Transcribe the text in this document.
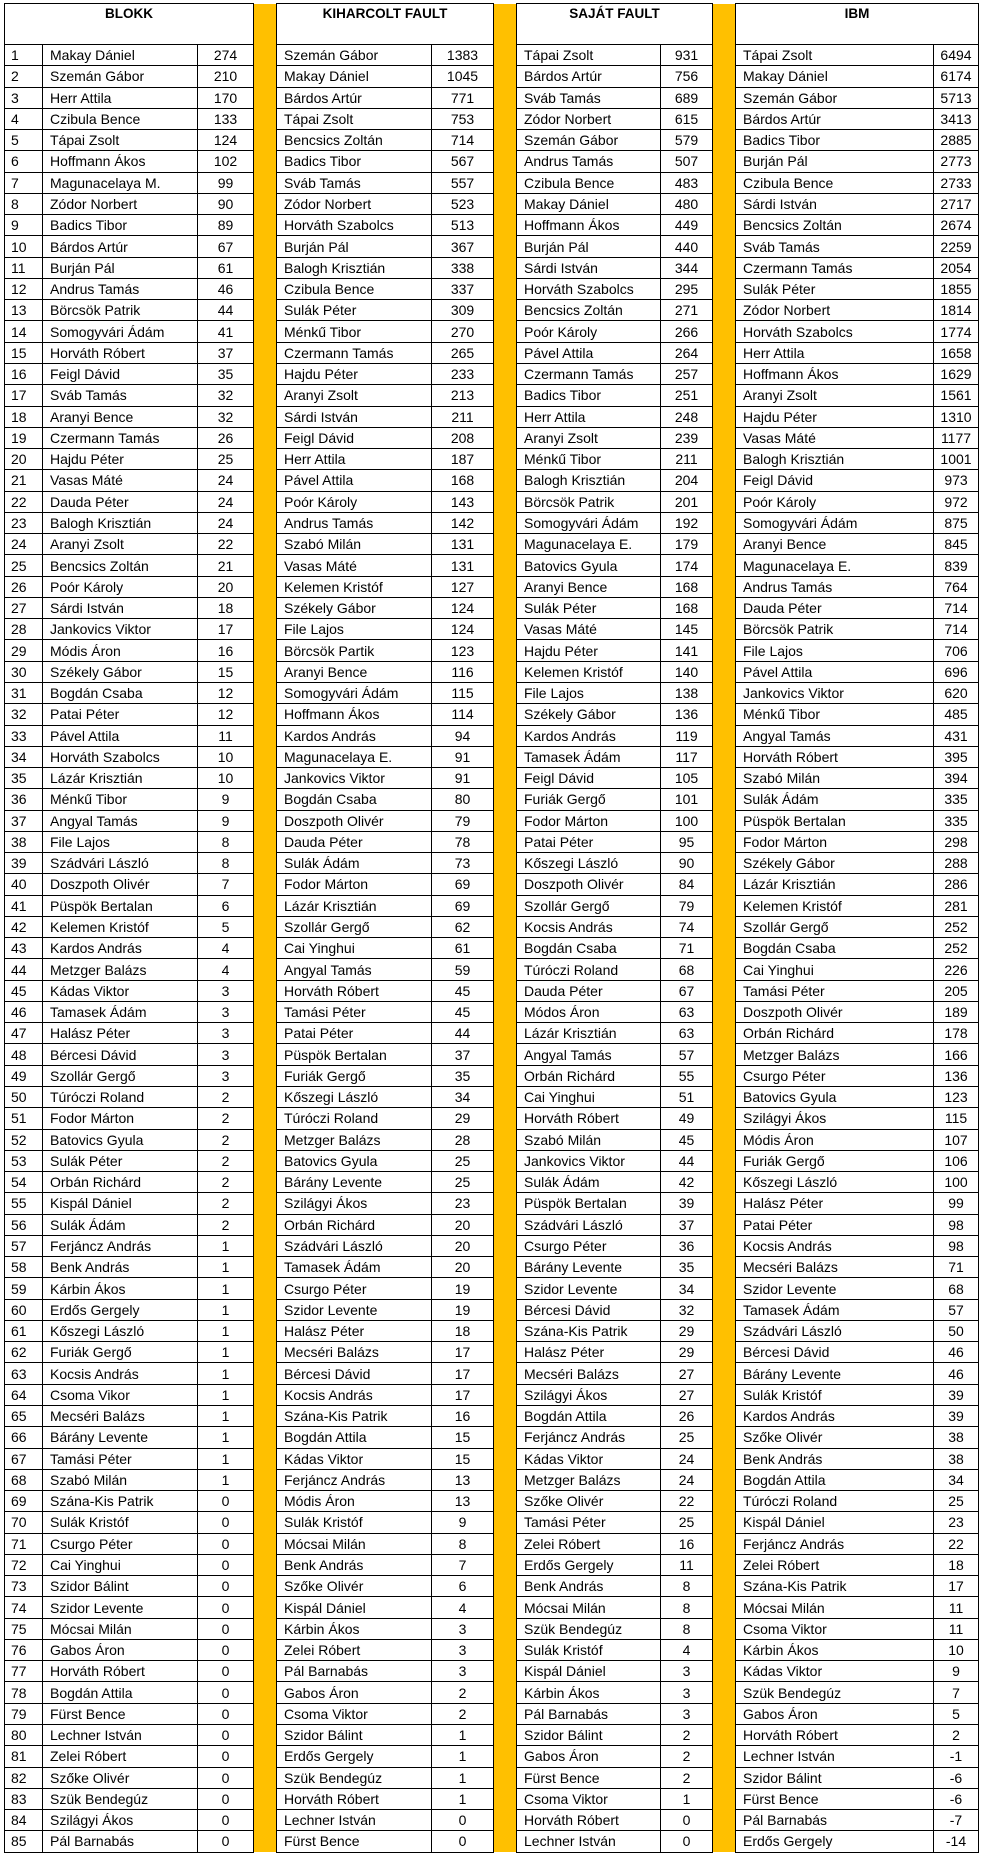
BLOKK				KIHARCOLT FAULT			SAJÁT FAULT			IBM	
1	Makay Dániel	274		Szemán Gábor	1383		Tápai Zsolt	931		Tápai Zsolt	6494
2	Szemán Gábor	210		Makay Dániel	1045		Bárdos Artúr	756		Makay Dániel	6174
3	Herr Attila	170		Bárdos Artúr	771		Sváb Tamás	689		Szemán Gábor	5713
4	Czibula Bence	133		Tápai Zsolt	753		Zódor Norbert	615		Bárdos Artúr	3413
5	Tápai Zsolt	124		Bencsics Zoltán	714		Szemán Gábor	579		Badics Tibor	2885
6	Hoffmann Ákos	102		Badics Tibor	567		Andrus Tamás	507		Burján Pál	2773
7	Magunacelaya M.	99		Sváb Tamás	557		Czibula Bence	483		Czibula Bence	2733
8	Zódor Norbert	90		Zódor Norbert	523		Makay Dániel	480		Sárdi István	2717
9	Badics Tibor	89		Horváth Szabolcs	513		Hoffmann Ákos	449		Bencsics Zoltán	2674
10	Bárdos Artúr	67		Burján Pál	367		Burján Pál	440		Sváb Tamás	2259
11	Burján Pál	61		Balogh Krisztián	338		Sárdi István	344		Czermann Tamás	2054
12	Andrus Tamás	46		Czibula Bence	337		Horváth Szabolcs	295		Sulák Péter	1855
13	Börcsök Patrik	44		Sulák Péter	309		Bencsics Zoltán	271		Zódor Norbert	1814
14	Somogyvári Ádám	41		Ménkű Tibor	270		Poór Károly	266		Horváth Szabolcs	1774
15	Horváth Róbert	37		Czermann Tamás	265		Pável Attila	264		Herr Attila	1658
16	Feigl Dávid	35		Hajdu Péter	233		Czermann Tamás	257		Hoffmann Ákos	1629
17	Sváb Tamás	32		Aranyi Zsolt	213		Badics Tibor	251		Aranyi Zsolt	1561
18	Aranyi Bence	32		Sárdi István	211		Herr Attila	248		Hajdu Péter	1310
19	Czermann Tamás	26		Feigl Dávid	208		Aranyi Zsolt	239		Vasas Máté	1177
20	Hajdu Péter	25		Herr Attila	187		Ménkű Tibor	211		Balogh Krisztián	1001
21	Vasas Máté	24		Pável Attila	168		Balogh Krisztián	204		Feigl Dávid	973
22	Dauda Péter	24		Poór Károly	143		Börcsök Patrik	201		Poór Károly	972
23	Balogh Krisztián	24		Andrus Tamás	142		Somogyvári Ádám	192		Somogyvári Ádám	875
24	Aranyi Zsolt	22		Szabó Milán	131		Magunacelaya E.	179		Aranyi Bence	845
25	Bencsics Zoltán	21		Vasas Máté	131		Batovics Gyula	174		Magunacelaya E.	839
26	Poór Károly	20		Kelemen Kristóf	127		Aranyi Bence	168		Andrus Tamás	764
27	Sárdi István	18		Székely Gábor	124		Sulák Péter	168		Dauda Péter	714
28	Jankovics Viktor	17		File Lajos	124		Vasas Máté	145		Börcsök Patrik	714
29	Módis Áron	16		Börcsök Partik	123		Hajdu Péter	141		File Lajos	706
30	Székely Gábor	15		Aranyi Bence	116		Kelemen Kristóf	140		Pável Attila	696
31	Bogdán Csaba	12		Somogyvári Ádám	115		File Lajos	138		Jankovics Viktor	620
32	Patai Péter	12		Hoffmann Ákos	114		Székely Gábor	136		Ménkű Tibor	485
33	Pável Attila	11		Kardos András	94		Kardos András	119		Angyal Tamás	431
34	Horváth Szabolcs	10		Magunacelaya E.	91		Tamasek Ádám	117		Horváth Róbert	395
35	Lázár Krisztián	10		Jankovics Viktor	91		Feigl Dávid	105		Szabó Milán	394
36	Ménkű Tibor	9		Bogdán Csaba	80		Furiák Gergő	101		Sulák Ádám	335
37	Angyal Tamás	9		Doszpoth Olivér	79		Fodor Márton	100		Püspök Bertalan	335
38	File Lajos	8		Dauda Péter	78		Patai Péter	95		Fodor Márton	298
39	Szádvári László	8		Sulák Ádám	73		Kőszegi László	90		Székely Gábor	288
40	Doszpoth Olivér	7		Fodor Márton	69		Doszpoth Olivér	84		Lázár Krisztián	286
41	Püspök Bertalan	6		Lázár Krisztián	69		Szollár Gergő	79		Kelemen Kristóf	281
42	Kelemen Kristóf	5		Szollár Gergő	62		Kocsis András	74		Szollár Gergő	252
43	Kardos András	4		Cai Yinghui	61		Bogdán Csaba	71		Bogdán Csaba	252
44	Metzger Balázs	4		Angyal Tamás	59		Túróczi Roland	68		Cai Yinghui	226
45	Kádas Viktor	3		Horváth Róbert	45		Dauda Péter	67		Tamási Péter	205
46	Tamasek Ádám	3		Tamási Péter	45		Módos Áron	63		Doszpoth Olivér	189
47	Halász Péter	3		Patai Péter	44		Lázár Krisztián	63		Orbán Richárd	178
48	Bércesi Dávid	3		Püspök Bertalan	37		Angyal Tamás	57		Metzger Balázs	166
49	Szollár Gergő	3		Furiák Gergő	35		Orbán Richárd	55		Csurgo Péter	136
50	Túróczi Roland	2		Kőszegi László	34		Cai Yinghui	51		Batovics Gyula	123
51	Fodor Márton	2		Túróczi Roland	29		Horváth Róbert	49		Szilágyi Ákos	115
52	Batovics Gyula	2		Metzger Balázs	28		Szabó Milán	45		Módis Áron	107
53	Sulák Péter	2		Batovics Gyula	25		Jankovics Viktor	44		Furiák Gergő	106
54	Orbán Richárd	2		Bárány Levente	25		Sulák Ádám	42		Kőszegi László	100
55	Kispál Dániel	2		Szilágyi Ákos	23		Püspök Bertalan	39		Halász Péter	99
56	Sulák Ádám	2		Orbán Richárd	20		Szádvári László	37		Patai Péter	98
57	Ferjáncz András	1		Szádvári László	20		Csurgo Péter	36		Kocsis András	98
58	Benk András	1		Tamasek Ádám	20		Bárány Levente	35		Mecséri Balázs	71
59	Kárbin Ákos	1		Csurgo Péter	19		Szidor Levente	34		Szidor Levente	68
60	Erdős Gergely	1		Szidor Levente	19		Bércesi Dávid	32		Tamasek Ádám	57
61	Kőszegi László	1		Halász Péter	18		Szána-Kis Patrik	29		Szádvári László	50
62	Furiák Gergő	1		Mecséri Balázs	17		Halász Péter	29		Bércesi Dávid	46
63	Kocsis András	1		Bércesi Dávid	17		Mecséri Balázs	27		Bárány Levente	46
64	Csoma Vikor	1		Kocsis András	17		Szilágyi Ákos	27		Sulák Kristóf	39
65	Mecséri Balázs	1		Szána-Kis Patrik	16		Bogdán Attila	26		Kardos András	39
66	Bárány Levente	1		Bogdán Attila	15		Ferjáncz András	25		Szőke Olivér	38
67	Tamási Péter	1		Kádas Viktor	15		Kádas Viktor	24		Benk András	38
68	Szabó Milán	1		Ferjáncz András	13		Metzger Balázs	24		Bogdán Attila	34
69	Szána-Kis Patrik	0		Módis Áron	13		Szőke Olivér	22		Túróczi Roland	25
70	Sulák Kristóf	0		Sulák Kristóf	9		Tamási Péter	25		Kispál Dániel	23
71	Csurgo Péter	0		Mócsai Milán	8		Zelei Róbert	16		Ferjáncz András	22
72	Cai Yinghui	0		Benk András	7		Erdős Gergely	11		Zelei Róbert	18
73	Szidor Bálint	0		Szőke Olivér	6		Benk András	8		Szána-Kis Patrik	17
74	Szidor Levente	0		Kispál Dániel	4		Mócsai Milán	8		Mócsai Milán	11
75	Mócsai Milán	0		Kárbin Ákos	3		Szük Bendegúz	8		Csoma Viktor	11
76	Gabos Áron	0		Zelei Róbert	3		Sulák Kristóf	4		Kárbin Ákos	10
77	Horváth Róbert	0		Pál Barnabás	3		Kispál Dániel	3		Kádas Viktor	9
78	Bogdán Attila	0		Gabos Áron	2		Kárbin Ákos	3		Szük Bendegúz	7
79	Fürst Bence	0		Csoma Viktor	2		Pál Barnabás	3		Gabos Áron	5
80	Lechner István	0		Szidor Bálint	1		Szidor Bálint	2		Horváth Róbert	2
81	Zelei Róbert	0		Erdős Gergely	1		Gabos Áron	2		Lechner István	-1
82	Szőke Olivér	0		Szük Bendegúz	1		Fürst Bence	2		Szidor Bálint	-6
83	Szük Bendegúz	0		Horváth Róbert	1		Csoma Viktor	1		Fürst Bence	-6
84	Szilágyi Ákos	0		Lechner István	0		Horváth Róbert	0		Pál Barnabás	-7
85	Pál Barnabás	0		Fürst Bence	0		Lechner István	0		Erdős Gergely	-14
